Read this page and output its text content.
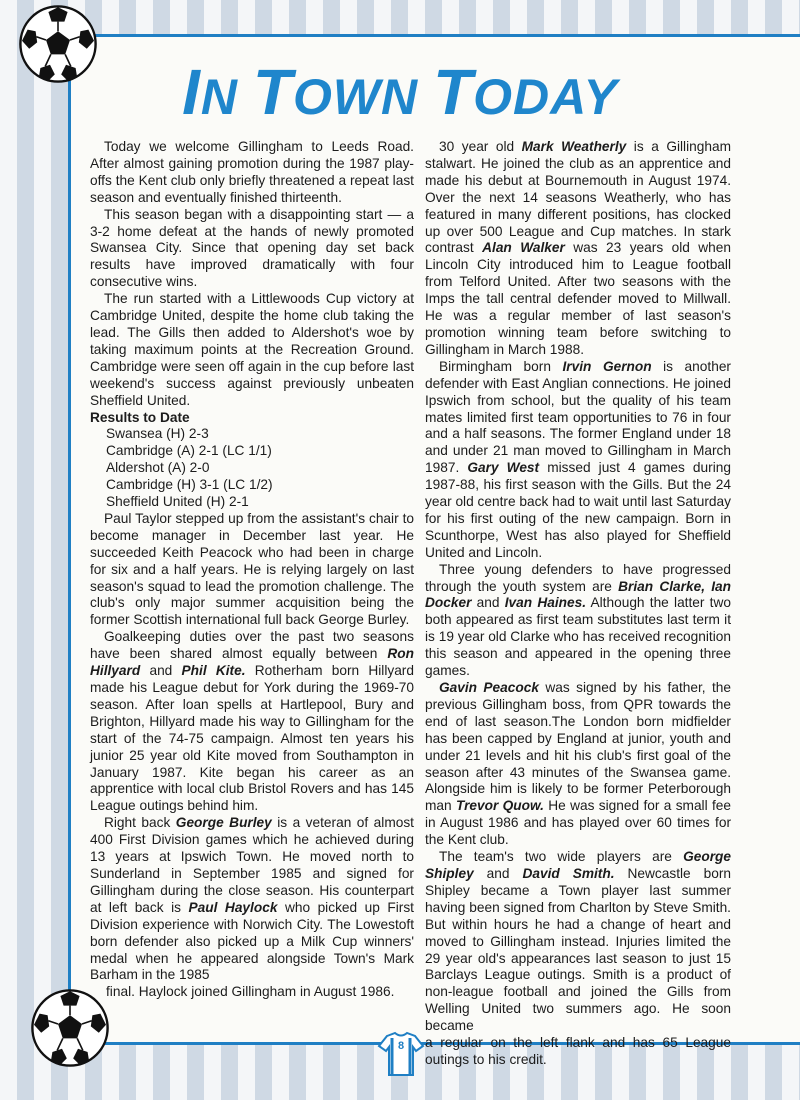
IN TOWN TODAY

Today we welcome Gillingham to Leeds Road. After almost gaining promotion during the 1987 play-offs the Kent club only briefly threatened a repeat last season and eventually finished thirteenth.

This season began with a disappointing start — a 3-2 home defeat at the hands of newly promoted Swansea City. Since that opening day set back results have improved dramatically with four consecutive wins.

The run started with a Littlewoods Cup victory at Cambridge United, despite the home club taking the lead. The Gills then added to Aldershot's woe by taking maximum points at the Recreation Ground. Cambridge were seen off again in the cup before last weekend's success against previously unbeaten Sheffield United.

Results to Date

Swansea (H) 2-3

Cambridge (A) 2-1 (LC 1/1)

Aldershot (A) 2-0

Cambridge (H) 3-1 (LC 1/2)

Sheffield United (H) 2-1

Paul Taylor stepped up from the assistant's chair to become manager in December last year. He succeeded Keith Peacock who had been in charge for six and a half years. He is relying largely on last season's squad to lead the promotion challenge. The club's only major summer acquisition being the former Scottish international full back George Burley.

Goalkeeping duties over the past two seasons have been shared almost equally between Ron Hillyard and Phil Kite. Rotherham born Hillyard made his League debut for York during the 1969-70 season. After loan spells at Hartlepool, Bury and Brighton, Hillyard made his way to Gillingham for the start of the 74-75 campaign. Almost ten years his junior 25 year old Kite moved from Southampton in January 1987. Kite began his career as an apprentice with local club Bristol Rovers and has 145 League outings behind him.

Right back George Burley is a veteran of almost 400 First Division games which he achieved during 13 years at Ipswich Town. He moved north to Sunderland in September 1985 and signed for Gillingham during the close season. His counterpart at left back is Paul Haylock who picked up First Division experience with Norwich City. The Lowestoft born defender also picked up a Milk Cup winners' medal when he appeared alongside Town's Mark Barham in the 1985

final. Haylock joined Gillingham in August 1986.

30 year old Mark Weatherly is a Gillingham stalwart. He joined the club as an apprentice and made his debut at Bournemouth in August 1974. Over the next 14 seasons Weatherly, who has featured in many different positions, has clocked up over 500 League and Cup matches. In stark contrast Alan Walker was 23 years old when Lincoln City introduced him to League football from Telford United. After two seasons with the Imps the tall central defender moved to Millwall. He was a regular member of last season's promotion winning team before switching to Gillingham in March 1988.

Birmingham born Irvin Gernon is another defender with East Anglian connections. He joined Ipswich from school, but the quality of his team mates limited first team opportunities to 76 in four and a half seasons. The former England under 18 and under 21 man moved to Gillingham in March 1987. Gary West missed just 4 games during 1987-88, his first season with the Gills. But the 24 year old centre back had to wait until last Saturday for his first outing of the new campaign. Born in Scunthorpe, West has also played for Sheffield United and Lincoln.

Three young defenders to have progressed through the youth system are Brian Clarke, Ian Docker and Ivan Haines. Although the latter two both appeared as first team substitutes last term it is 19 year old Clarke who has received recognition this season and appeared in the opening three games.

Gavin Peacock was signed by his father, the previous Gillingham boss, from QPR towards the end of last season.The London born midfielder has been capped by England at junior, youth and under 21 levels and hit his club's first goal of the season after 43 minutes of the Swansea game. Alongside him is likely to be former Peterborough man Trevor Quow. He was signed for a small fee in August 1986 and has played over 60 times for the Kent club.

The team's two wide players are George Shipley and David Smith. Newcastle born Shipley became a Town player last summer having been signed from Charlton by Steve Smith. But within hours he had a change of heart and moved to Gillingham instead. Injuries limited the 29 year old's appearances last season to just 15 Barclays League outings. Smith is a product of non-league football and joined the Gills from Welling United two summers ago. He soon became

a regular on the left flank and has 65 League outings to his credit.

8
